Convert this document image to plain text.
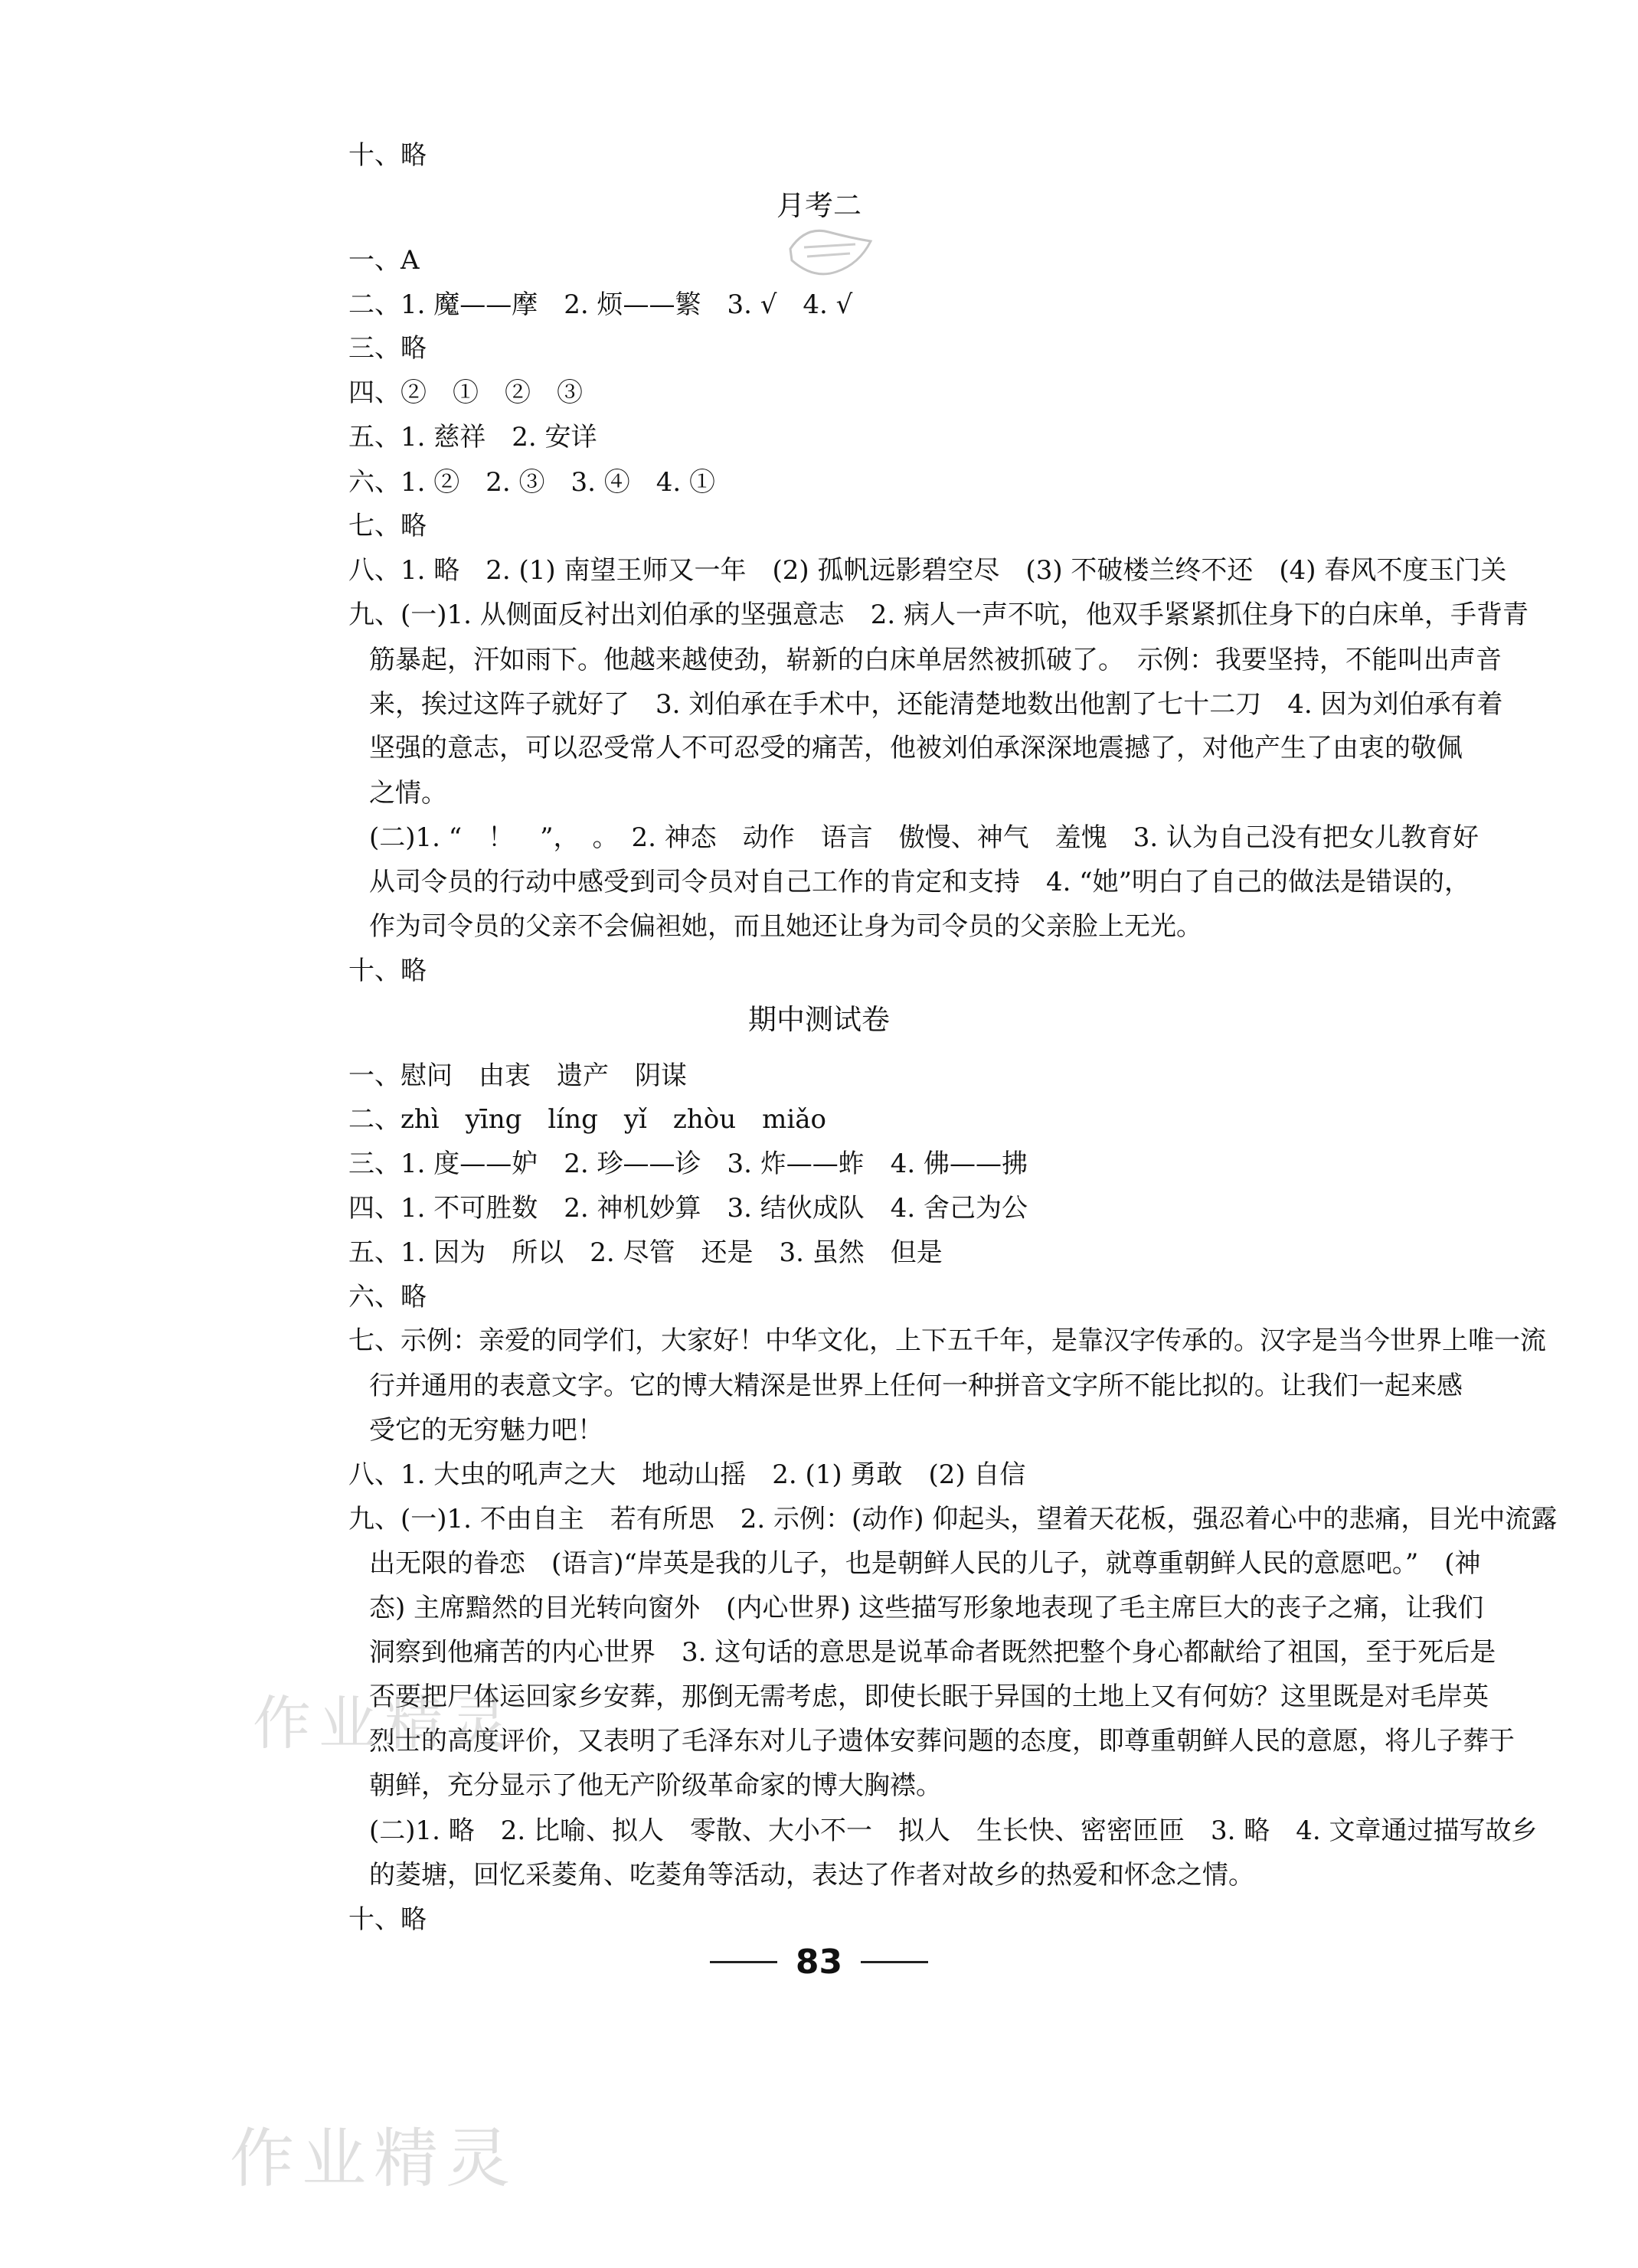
十、略
月考二
一、A
二、1. 魔——摩　2. 烦——繁　3. √　4. √
三、略
四、②　①　②　③
五、1. 慈祥　2. 安详
六、1. ②　2. ③　3. ④　4. ①
七、略
八、1. 略　2. (1) 南望王师又一年　(2) 孤帆远影碧空尽　(3) 不破楼兰终不还　(4) 春风不度玉门关
九、(一)1. 从侧面反衬出刘伯承的坚强意志　2. 病人一声不吭，他双手紧紧抓住身下的白床单，手背青
筋暴起，汗如雨下。他越来越使劲，崭新的白床单居然被抓破了。　示例：我要坚持，不能叫出声音
来，挨过这阵子就好了　3. 刘伯承在手术中，还能清楚地数出他割了七十二刀　4. 因为刘伯承有着
坚强的意志，可以忍受常人不可忍受的痛苦，他被刘伯承深深地震撼了，对他产生了由衷的敬佩
之情。
(二)1. “　！　”，　。　2. 神态　动作　语言　傲慢、神气　羞愧　3. 认为自己没有把女儿教育好
从司令员的行动中感受到司令员对自己工作的肯定和支持　4. “她”明白了自己的做法是错误的，
作为司令员的父亲不会偏袒她，而且她还让身为司令员的父亲脸上无光。
十、略
期中测试卷
一、慰问　由衷　遗产　阴谋
二、zhì　yīng　líng　yǐ　zhòu　miǎo
三、1. 度——妒　2. 珍——诊　3. 炸——蚱　4. 佛——拂
四、1. 不可胜数　2. 神机妙算　3. 结伙成队　4. 舍己为公
五、1. 因为　所以　2. 尽管　还是　3. 虽然　但是
六、略
七、示例：亲爱的同学们，大家好！中华文化，上下五千年，是靠汉字传承的。汉字是当今世界上唯一流
行并通用的表意文字。它的博大精深是世界上任何一种拼音文字所不能比拟的。让我们一起来感
受它的无穷魅力吧！
八、1. 大虫的吼声之大　地动山摇　2. (1) 勇敢　(2) 自信
九、(一)1. 不由自主　若有所思　2. 示例：(动作) 仰起头，望着天花板，强忍着心中的悲痛，目光中流露
出无限的眷恋　(语言)“岸英是我的儿子，也是朝鲜人民的儿子，就尊重朝鲜人民的意愿吧。”　(神
态) 主席黯然的目光转向窗外　(内心世界) 这些描写形象地表现了毛主席巨大的丧子之痛，让我们
洞察到他痛苦的内心世界　3. 这句话的意思是说革命者既然把整个身心都献给了祖国，至于死后是
否要把尸体运回家乡安葬，那倒无需考虑，即使长眠于异国的土地上又有何妨？这里既是对毛岸英
烈士的高度评价，又表明了毛泽东对儿子遗体安葬问题的态度，即尊重朝鲜人民的意愿，将儿子葬于
朝鲜，充分显示了他无产阶级革命家的博大胸襟。
(二)1. 略　2. 比喻、拟人　零散、大小不一　拟人　生长快、密密匝匝　3. 略　4. 文章通过描写故乡
的菱塘，回忆采菱角、吃菱角等活动，表达了作者对故乡的热爱和怀念之情。
十、略
83
作业精灵
作业精灵
